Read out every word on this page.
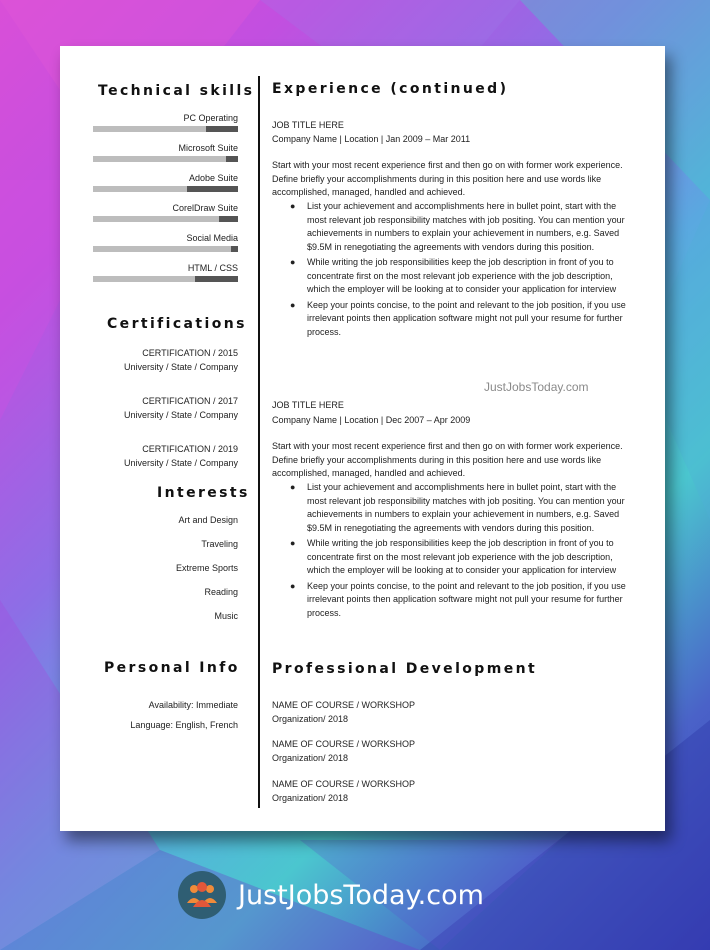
Technical skills
PC Operating
Microsoft Suite
Adobe Suite
CorelDraw Suite
Social Media
HTML / CSS
Certifications
CERTIFICATION / 2015
University / State / Company
CERTIFICATION / 2017
University / State / Company
CERTIFICATION / 2019
University / State / Company
Interests
Art and Design
Traveling
Extreme Sports
Reading
Music
Personal Info
Availability: Immediate
Language: English, French
Experience (continued)
JOB TITLE HERE
Company Name | Location | Jan 2009 – Mar 2011
Start with your most recent experience first and then go on with former work experience. Define briefly your accomplishments during in this position here and use words like accomplished, managed, handled and achieved.
● List your achievement and accomplishments here in bullet point, start with the most relevant job responsibility matches with job positing. You can mention your achievements in numbers to explain your achievement in numbers, e.g. Saved $9.5M in renegotiating the agreements with vendors during this position.
● While writing the job responsibilities keep the job description in front of you to concentrate first on the most relevant job experience with the job description, which the employer will be looking at to consider your application for interview
● Keep your points concise, to the point and relevant to the job position, if you use irrelevant points then application software might not pull your resume for further process.
JustJobsToday.com
JOB TITLE HERE
Company Name | Location | Dec 2007 – Apr 2009
Start with your most recent experience first and then go on with former work experience. Define briefly your accomplishments during in this position here and use words like accomplished, managed, handled and achieved.
● List your achievement and accomplishments here in bullet point, start with the most relevant job responsibility matches with job positing. You can mention your achievements in numbers to explain your achievement in numbers, e.g. Saved $9.5M in renegotiating the agreements with vendors during this position.
● While writing the job responsibilities keep the job description in front of you to concentrate first on the most relevant job experience with the job description, which the employer will be looking at to consider your application for interview
● Keep your points concise, to the point and relevant to the job position, if you use irrelevant points then application software might not pull your resume for further process.
Professional Development
NAME OF COURSE / WORKSHOP
Organization/ 2018
NAME OF COURSE / WORKSHOP
Organization/ 2018
NAME OF COURSE / WORKSHOP
Organization/ 2018
JustJobsToday.com
